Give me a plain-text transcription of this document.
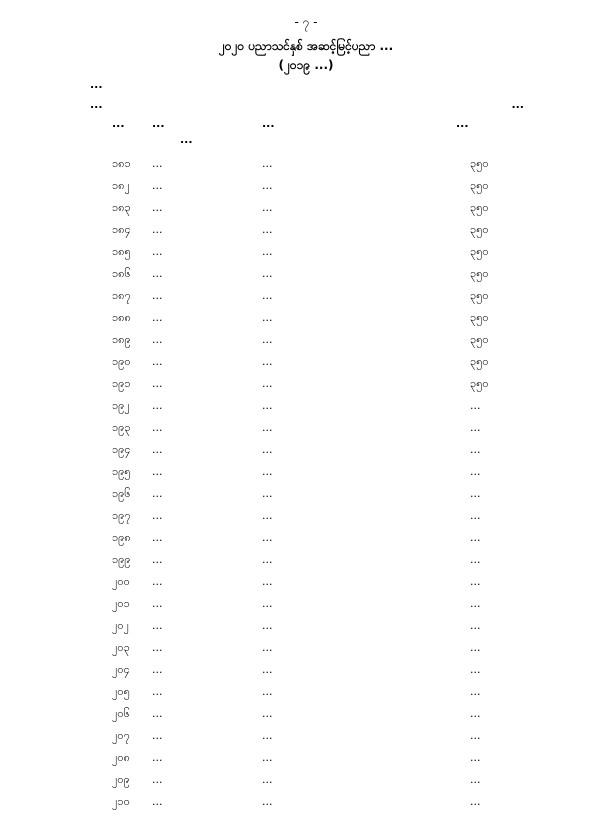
- ၇ -
၂၀၂၀ ပညာသင်နှစ် အဆင့်မြင့်ပညာ ...
(၂၀၁၉ ...)
...
...	...
... ...
...
...	...
၁၈၁ ...	...	၃၅၀
၁၈၂ ...	...	၃၅၀
၁၈၃ ...	...	၃၅၀
၁၈၄ ...	...	၃၅၀
၁၈၅ ...	...	၃၅၀
၁၈၆ ...	...	၃၅၀
၁၈၇ ...	...	၃၅၀
၁၈၈ ...	...	၃၅၀
၁၈၉ ...	...	၃၅၀
၁၉၀ ...	...	၃၅၀
၁၉၁ ...	...	၃၅၀
၁၉၂ ...	...	...
၁၉၃ ...	...	...
၁၉၄ ...	...	...
၁၉၅ ...	...	...
၁၉၆ ...	...	...
၁၉၇ ...	...	...
၁၉၈ ...	...	...
၁၉၉ ...	...	...
၂၀၀ ...	...	...
၂၀၁ ...	...	...
၂၀၂ ...	...	...
၂၀၃ ...	...	...
၂၀၄ ...	...	...
၂၀၅ ...	...	...
၂၀၆ ...	...	...
၂၀၇ ...	...	...
၂၀၈ ...	...	...
၂၀၉ ...	...	...
၂၁၀ ...	...	...
